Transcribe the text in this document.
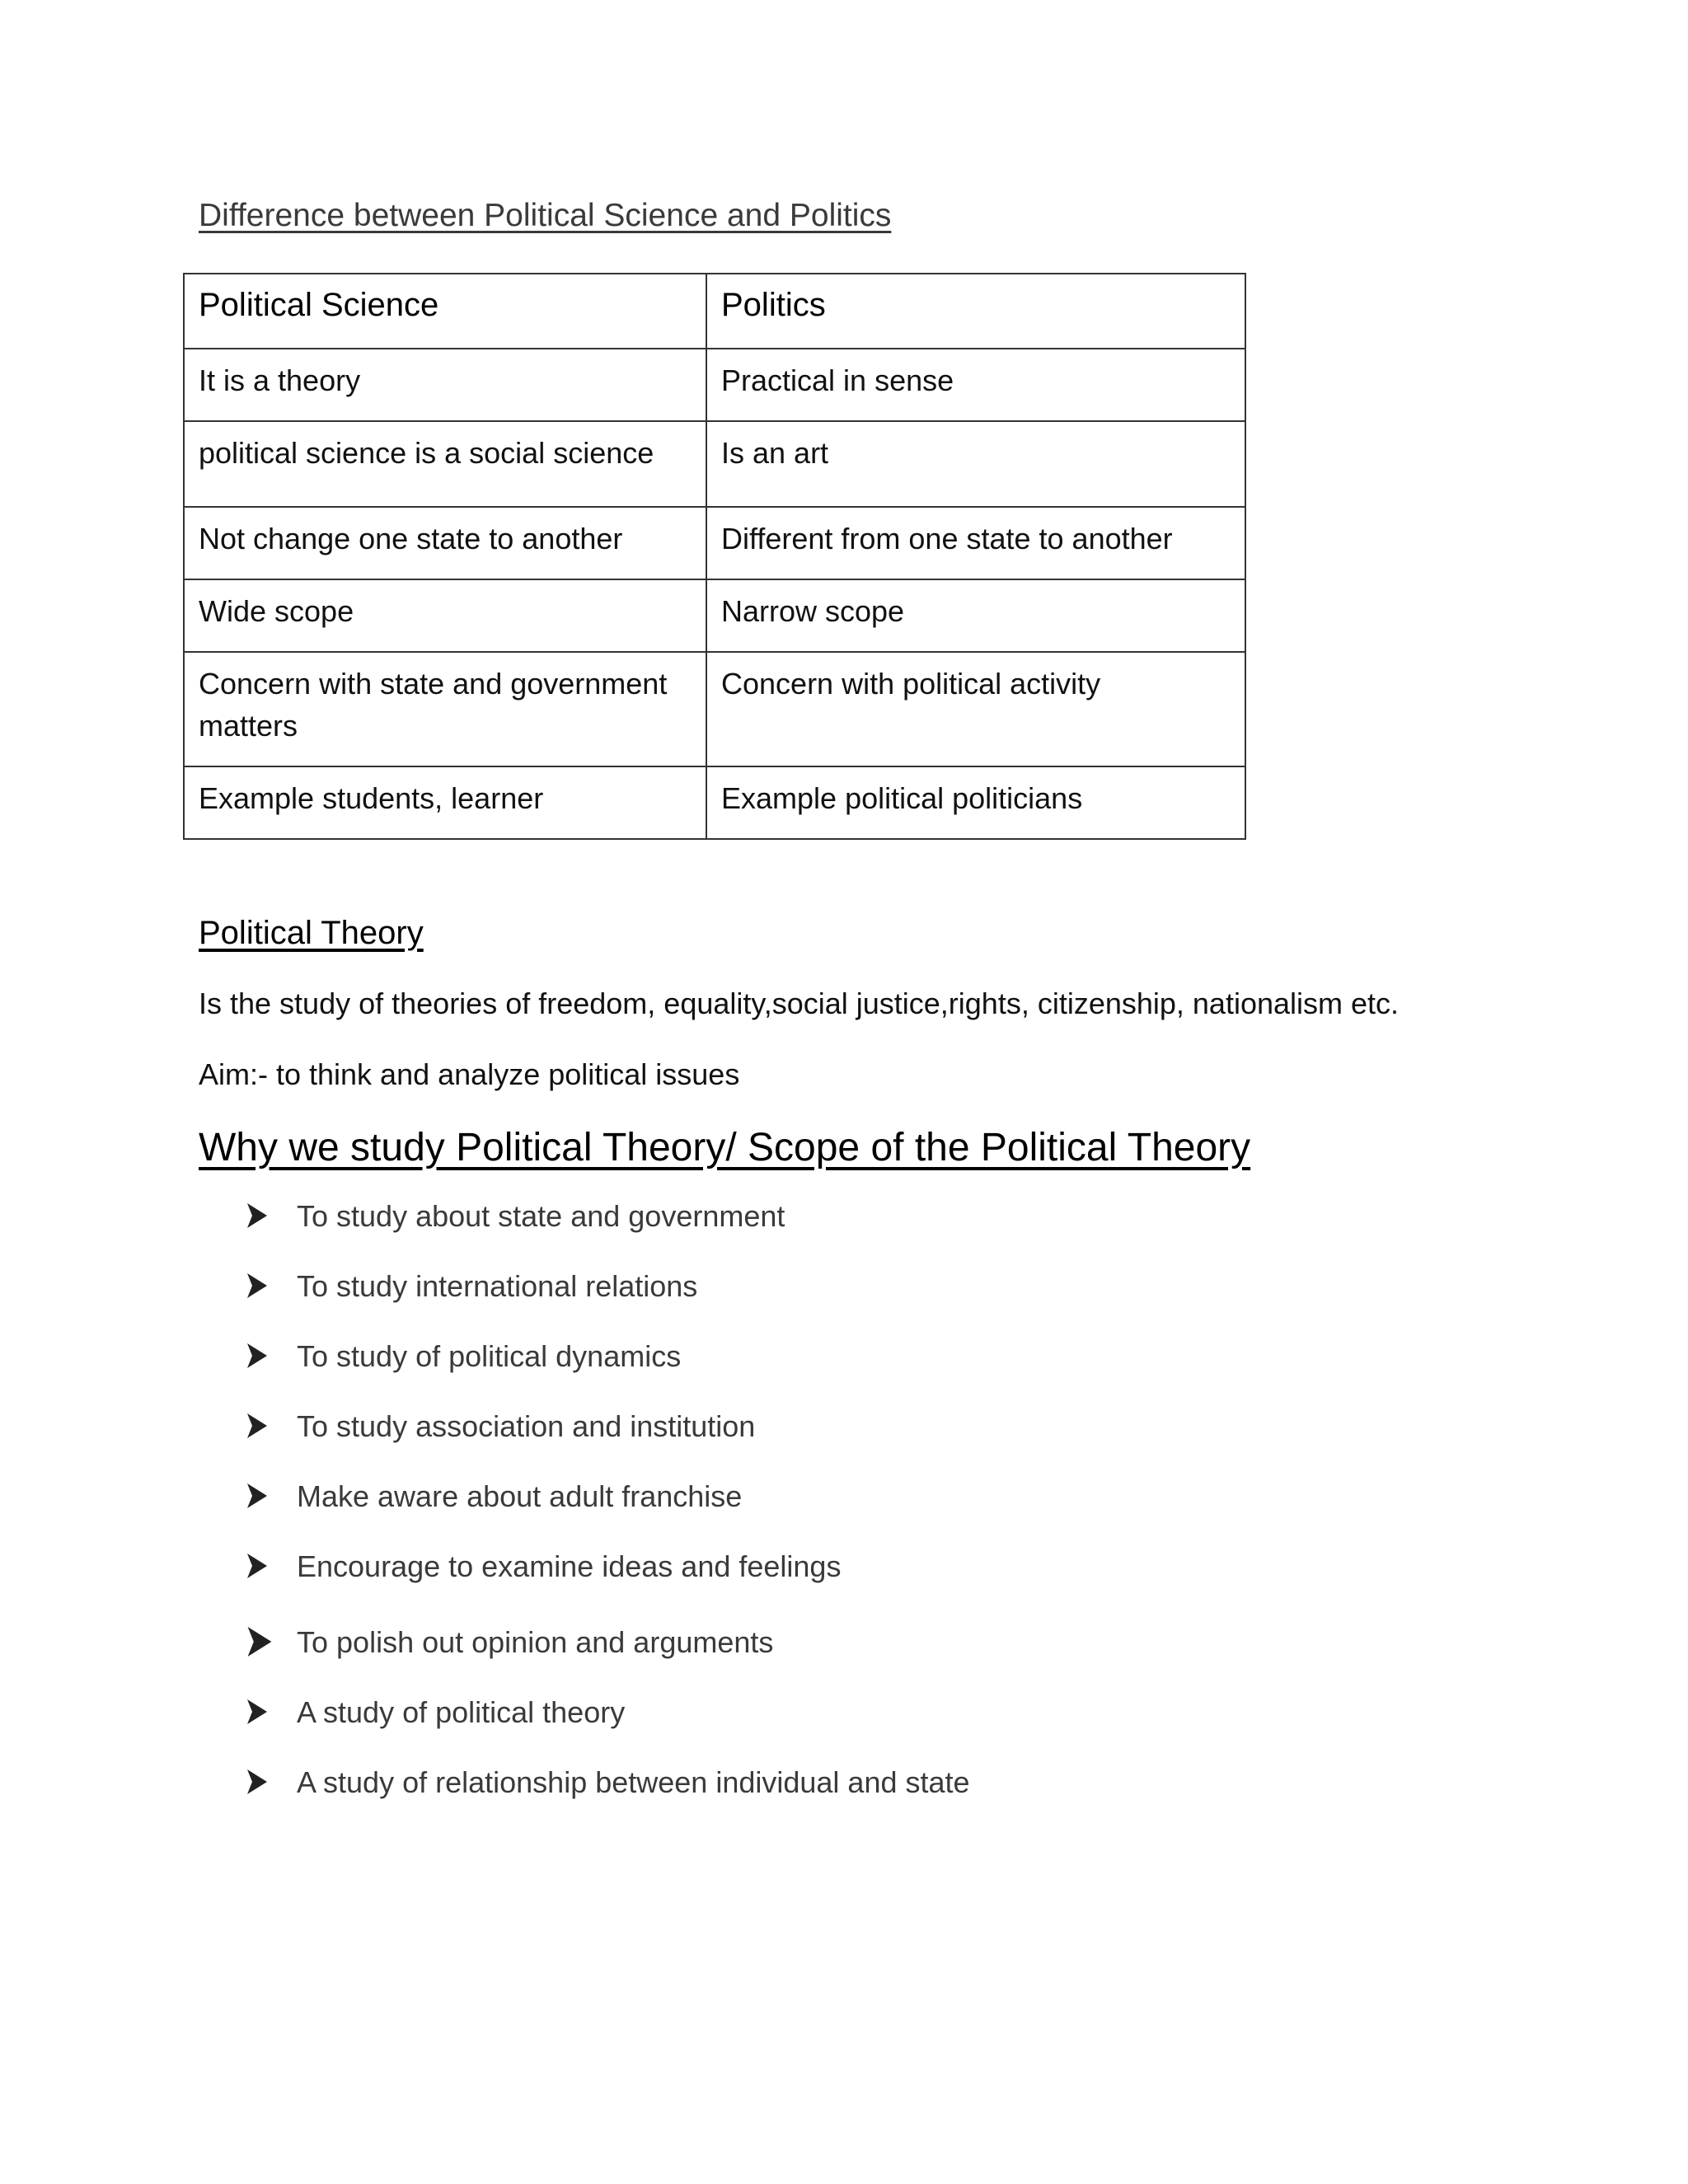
Difference between Political Science and Politics
Political Science	Politics
It is a theory	Practical in sense
political science is a social science	Is an art
Not change one state to another	Different from one state to another
Wide scope	Narrow scope
Concern with state and government matters	Concern with political activity
Example students, learner	Example political politicians
Political Theory

Is the study of theories of freedom, equality,social justice,rights, citizenship, nationalism etc.

Aim:- to think and analyze political issues

Why we study Political Theory/ Scope of the Political Theory
To study about state and government
To study international relations
To study of political dynamics
To study association and institution
Make aware about adult franchise
Encourage to examine ideas and feelings
To polish out opinion and arguments
A study of political theory
A study of relationship between individual and state
